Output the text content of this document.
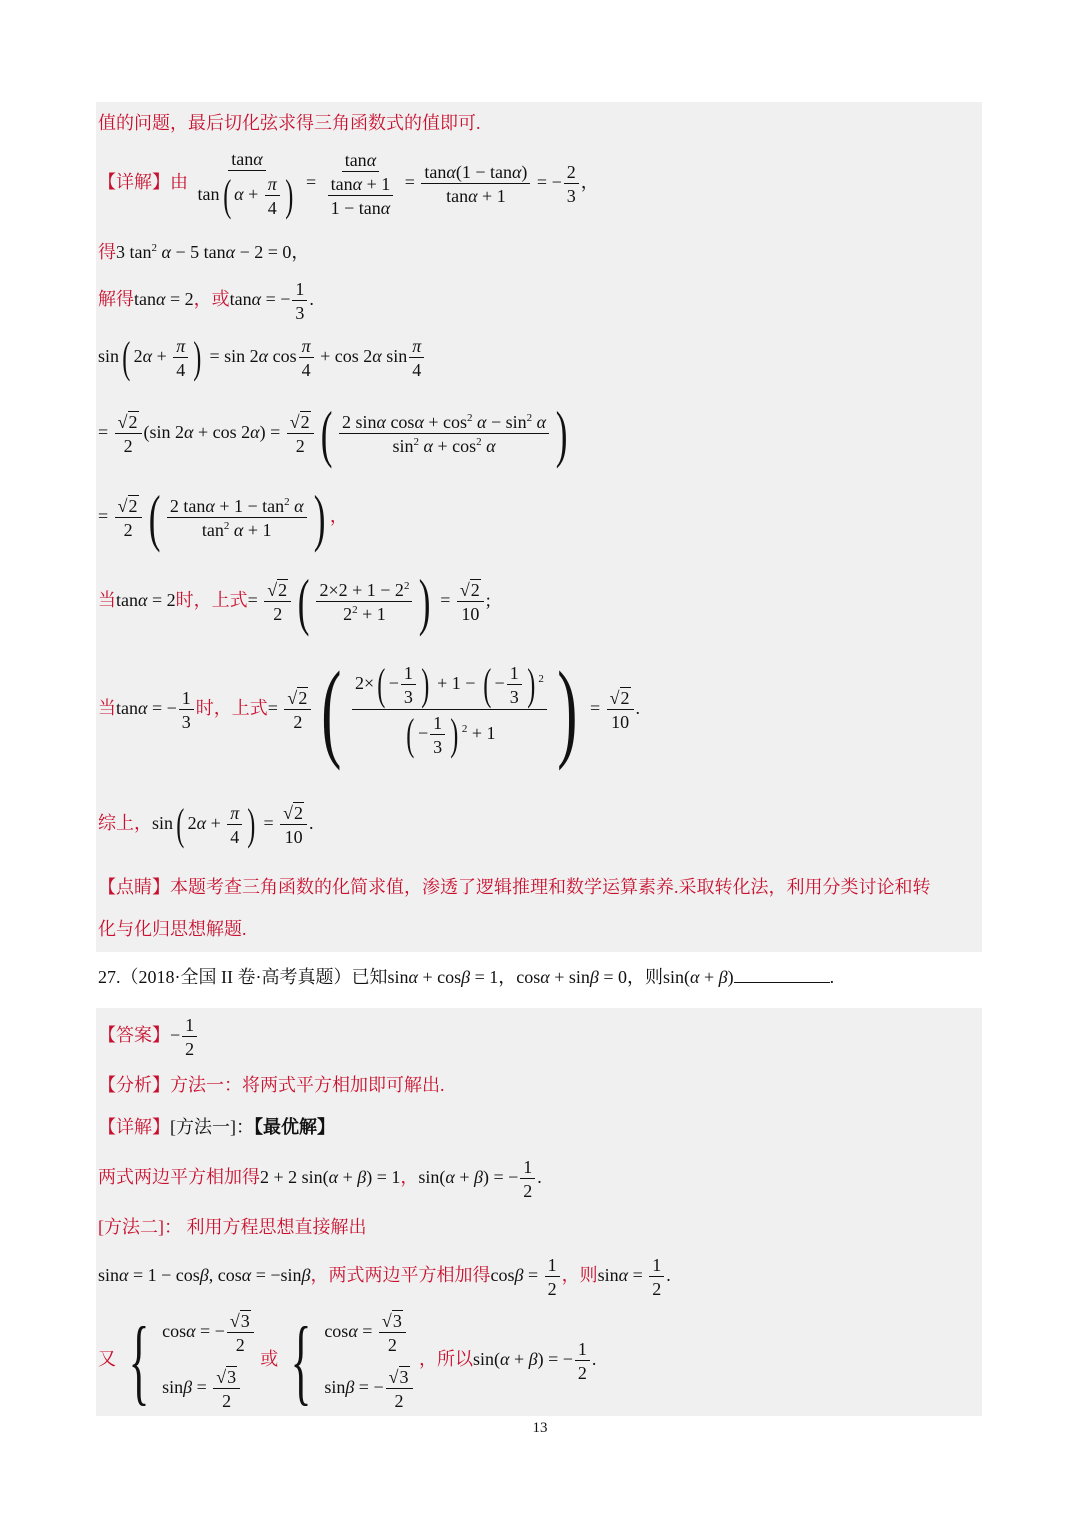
值的问题，最后切化弦求得三角函数式的值即可.
【详解】由 $\frac{\tan\alpha}{\tan( \alpha + \frac{\pi}{4} )} = \frac{\tan\alpha}{\frac{\tan\alpha + 1}{1 - \tan\alpha}} = \frac{\tan\alpha(1 - \tan\alpha)}{\tan\alpha + 1}$ = − $\frac{2}{3}$ ，
得3 $\tan^2 \alpha - 5$ tanα − 2 = 0，
解得tanα = 2，或tanα = − $\frac{1}{3}$ .
sin( $2\alpha + \frac{\pi}{4}$ ) = sin 2α $\cos \frac{\pi}{4} + \cos 2\alpha$ $\sin \frac{\pi}{4}$
= √ $\frac{2}{2} (\sin$ 2α + cos 2α) = √ $\frac{2}{2}$ ( $\frac{2 \sin\alpha \cos\alpha + \cos^2 \alpha - \sin^2 \alpha}{\sin^2 \alpha + \cos^2 \alpha}$ )
= √ $\frac{2}{2}$ ( $\frac{2 \tan\alpha + 1 - \tan^2 \alpha}{\tan^2 \alpha + 1}$ ) ，
当tanα = 2时，上式= √ $\frac{2}{2}$ ( $\frac{2\times 2 + 1 - 2^2}{2^2 + 1}$ ) = √ $\frac{2}{10}$ ;
当tanα = − $\frac{1}{3}$ 时，上式= √ $\frac{2}{2}$ ( $\frac{2\times( - \frac{1}{3} ) + 1 - ( - \frac{1}{3} ) ^2}{( - \frac{1}{3} ) ^2 + 1}$ ) = √ $\frac{2}{10}$ .
综上，sin( $2\alpha + \frac{\pi}{4}$ ) = √ $\frac{2}{10}$ .
【点睛】本题考查三角函数的化简求值，渗透了逻辑推理和数学运算素养.采取转化法，利用分类讨论和转
化与化归思想解题.
27.（2018·全国 II 卷·高考真题）已知sinα + cosβ = 1，cosα + sinβ = 0，则sin(α + β)	.
【答案】− $\frac{1}{2}$
【分析】方法一：将两式平方相加即可解出.
【详解】[方法一]：【最优解】
两式两边平方相加得2 + 2 sin(α + β) = 1，sin(α + β) = − $\frac{1}{2}$ .
[方法二]： 利用方程思想直接解出
sinα = 1 − cosβ, cosα = −sinβ，两式两边平方相加得$\cos\beta = \frac{1}{2}$ ，则$\sin\alpha = \frac{1}{2}$ .
又 { cosα = − √ $\frac{3}{2}$
sinβ = √ $\frac{3}{2}$
或 { cosα = √ $\frac{3}{2}$
sinβ = − √ $\frac{3}{2}$
，所以sin(α + β) = − $\frac{1}{2}$ .
13
